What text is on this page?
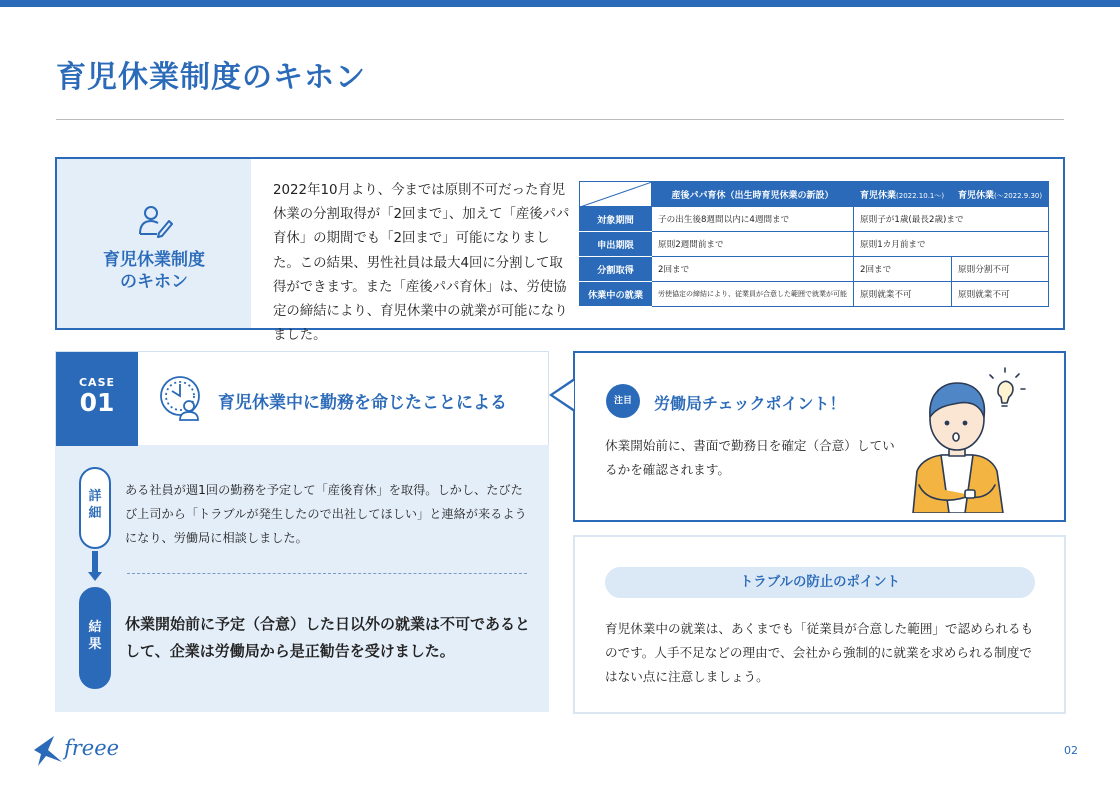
育児休業制度のキホン
育児休業制度
のキホン
2022年10月より、今までは原則不可だった育児休業の分割取得が「2回まで」、加えて「産後パパ育休」の期間でも「2回まで」可能になりました。この結果、男性社員は最大4回に分割して取得ができます。また「産後パパ育休」は、労使協定の締結により、育児休業中の就業が可能になりました。
	産後パパ育休（出生時育児休業の新設）	育児休業(2022.10.1〜)	育児休業(〜2022.9.30)
対象期間	子の出生後8週間以内に4週間まで	原則子が1歳(最長2歳)まで	
申出期限	原則2週間前まで	原則1カ月前まで	
分割取得	2回まで	2回まで	原則分割不可
休業中の就業	労使協定の締結により、従業員が合意した範囲で就業が可能	原則就業不可	原則就業不可
CASE
01	育児休業中に勤務を命じたことによる
詳細
ある社員が週1回の勤務を予定して「産後育休」を取得。しかし、たびたび上司から「トラブルが発生したので出社してほしい」と連絡が来るようになり、労働局に相談しました。
結果
休業開始前に予定（合意）した日以外の就業は不可であるとして、企業は労働局から是正勧告を受けました。
注目	労働局チェックポイント！
休業開始前に、書面で勤務日を確定（合意）しているかを確認されます。
トラブルの防止のポイント
育児休業中の就業は、あくまでも「従業員が合意した範囲」で認められるものです。人手不足などの理由で、会社から強制的に就業を求められる制度ではない点に注意しましょう。
freee	02
